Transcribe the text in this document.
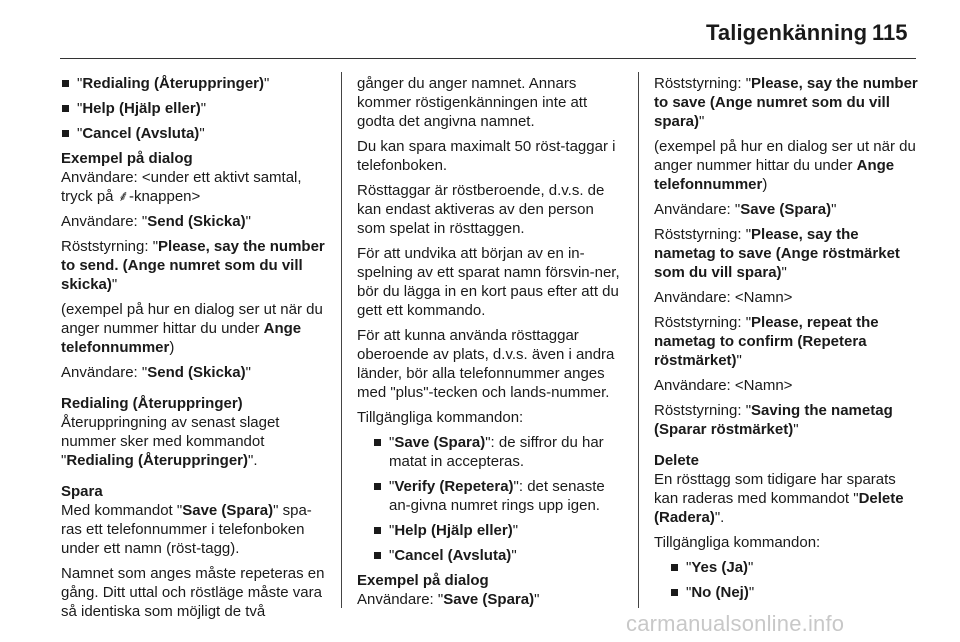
Taligenkänning 115
"Redialing (Återuppringer)"
"Help (Hjälp eller)"
"Cancel (Avsluta)"
Exempel på dialog

Användare: <under ett aktivt samtal,
tryck på ⸙-knappen>

Användare: "Send (Skicka)"

Röststyrning: "Please, say the number to send. (Ange numret som du vill skicka)"

(exempel på hur en dialog ser ut när du anger nummer hittar du under Ange telefonnummer)

Användare: "Send (Skicka)"

Redialing (Återuppringer)

Återuppringning av senast slaget nummer sker med kommandot "Redialing (Återuppringer)".

Spara

Med kommandot "Save (Spara)" spa-ras ett telefonnummer i telefonboken under ett namn (röst-tagg).

Namnet som anges måste repeteras en gång. Ditt uttal och röstläge måste vara så identiska som möjligt de två

gånger du anger namnet. Annars kommer röstigenkänningen inte att godta det angivna namnet.

Du kan spara maximalt 50 röst-taggar i telefonboken.

Rösttaggar är röstberoende, d.v.s. de kan endast aktiveras av den person som spelat in rösttaggen.

För att undvika att början av en in-spelning av ett sparat namn försvin-ner, bör du lägga in en kort paus efter att du gett ett kommando.

För att kunna använda rösttaggar oberoende av plats, d.v.s. även i andra länder, bör alla telefonnummer anges med "plus"-tecken och lands-nummer.

Tillgängliga kommandon:

"Save (Spara)": de siffror du har matat in accepteras.
"Verify (Repetera)": det senaste an-givna numret rings upp igen.
"Help (Hjälp eller)"
"Cancel (Avsluta)"
Exempel på dialog

Användare: "Save (Spara)"

Röststyrning: "Please, say the number to save (Ange numret som du vill spara)"

(exempel på hur en dialog ser ut när du anger nummer hittar du under Ange telefonnummer)

Användare: "Save (Spara)"

Röststyrning: "Please, say the nametag to save (Ange röstmärket som du vill spara)"

Användare: <Namn>

Röststyrning: "Please, repeat the nametag to confirm (Repetera röstmärket)"

Användare: <Namn>

Röststyrning: "Saving the nametag (Sparar röstmärket)"

Delete

En rösttagg som tidigare har sparats kan raderas med kommandot "Delete (Radera)".

Tillgängliga kommandon:

"Yes (Ja)"
"No (Nej)"
carmanualsonline.info
